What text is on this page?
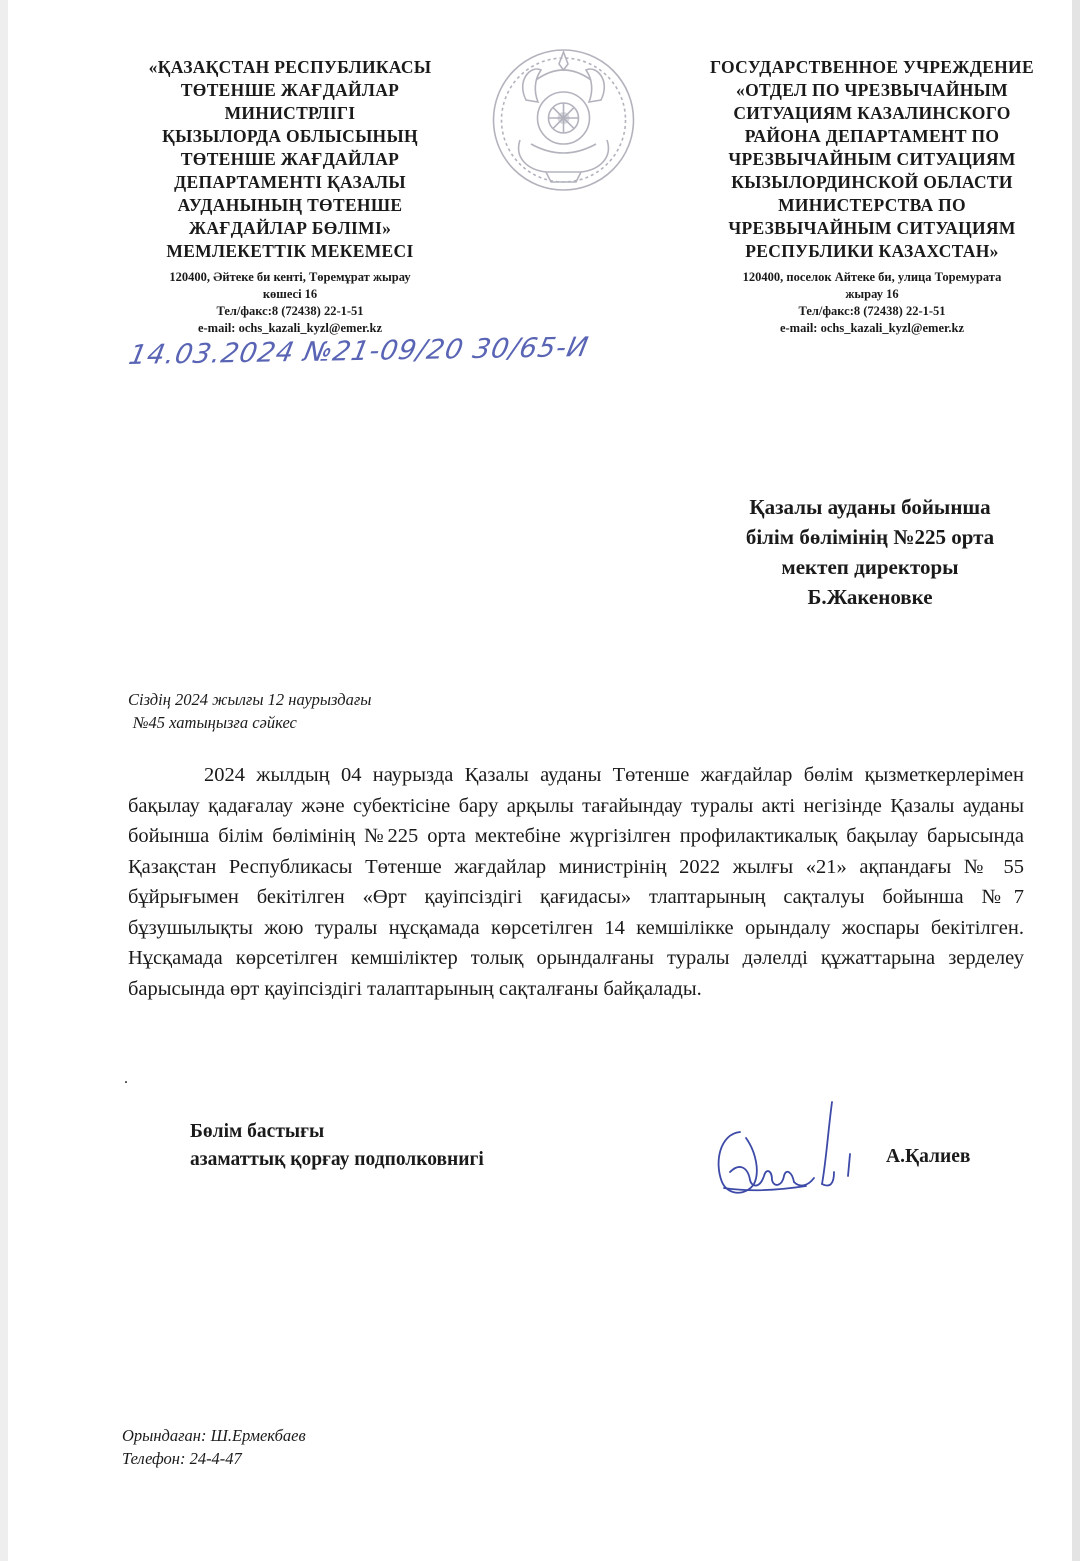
«ҚАЗАҚСТАН РЕСПУБЛИКАСЫ
ТӨТЕНШЕ ЖАҒДАЙЛАР
МИНИСТРЛІГІ
ҚЫЗЫЛОРДА ОБЛЫСЫНЫҢ
ТӨТЕНШЕ ЖАҒДАЙЛАР
ДЕПАРТАМЕНТІ ҚАЗАЛЫ
АУДАНЫНЫҢ ТӨТЕНШЕ
ЖАҒДАЙЛАР БӨЛІМІ»
МЕМЛЕКЕТТІК МЕКЕМЕСІ
120400, Әйтеке би кенті, Төремұрат жырау
көшесі 16
Тел/факс:8 (72438) 22-1-51
e-mail: ochs_kazali_kyzl@emer.kz
ГОСУДАРСТВЕННОЕ УЧРЕЖДЕНИЕ
«ОТДЕЛ ПО ЧРЕЗВЫЧАЙНЫМ
СИТУАЦИЯМ КАЗАЛИНСКОГО
РАЙОНА ДЕПАРТАМЕНТ ПО
ЧРЕЗВЫЧАЙНЫМ СИТУАЦИЯМ
КЫЗЫЛОРДИНСКОЙ ОБЛАСТИ
МИНИСТЕРСТВА ПО
ЧРЕЗВЫЧАЙНЫМ СИТУАЦИЯМ
РЕСПУБЛИКИ КАЗАХСТАН»
120400, поселок Айтеке би, улица Торемурата
жырау 16
Тел/факс:8 (72438) 22-1-51
e-mail: ochs_kazali_kyzl@emer.kz
14.03.2024 №21-09/20 30/65-И
Қазалы ауданы бойынша
білім бөлімінің №225 орта
мектеп директоры
Б.Жакеновке
Сіздің 2024 жылғы 12 наурыздағы
№45 хатыңызға сәйкес
2024 жылдың 04 наурызда Қазалы ауданы Төтенше жағдайлар бөлім қызметкерлерімен бақылау қадағалау және субектісіне бару арқылы тағайындау туралы акті негізінде Қазалы ауданы бойынша білім бөлімінің №225 орта мектебіне жүргізілген профилактикалық бақылау барысында Қазақстан Республикасы Төтенше жағдайлар министрінің 2022 жылғы «21» ақпандағы № 55 бұйрығымен бекітілген «Өрт қауіпсіздігі қағидасы» тлаптарының сақталуы бойынша №7 бұзушылықты жою туралы нұсқамада көрсетілген 14 кемшілікке орындалу жоспары бекітілген. Нұсқамада көрсетілген кемшіліктер толық орындалғаны туралы дәлелді құжаттарына зерделеу барысында өрт қауіпсіздігі талаптарының сақталғаны байқалады.
.
Бөлім бастығы
азаматтық қорғау подполковнигі	А.Қалиев
Орындаған: Ш.Ермекбаев
Телефон: 24-4-47
